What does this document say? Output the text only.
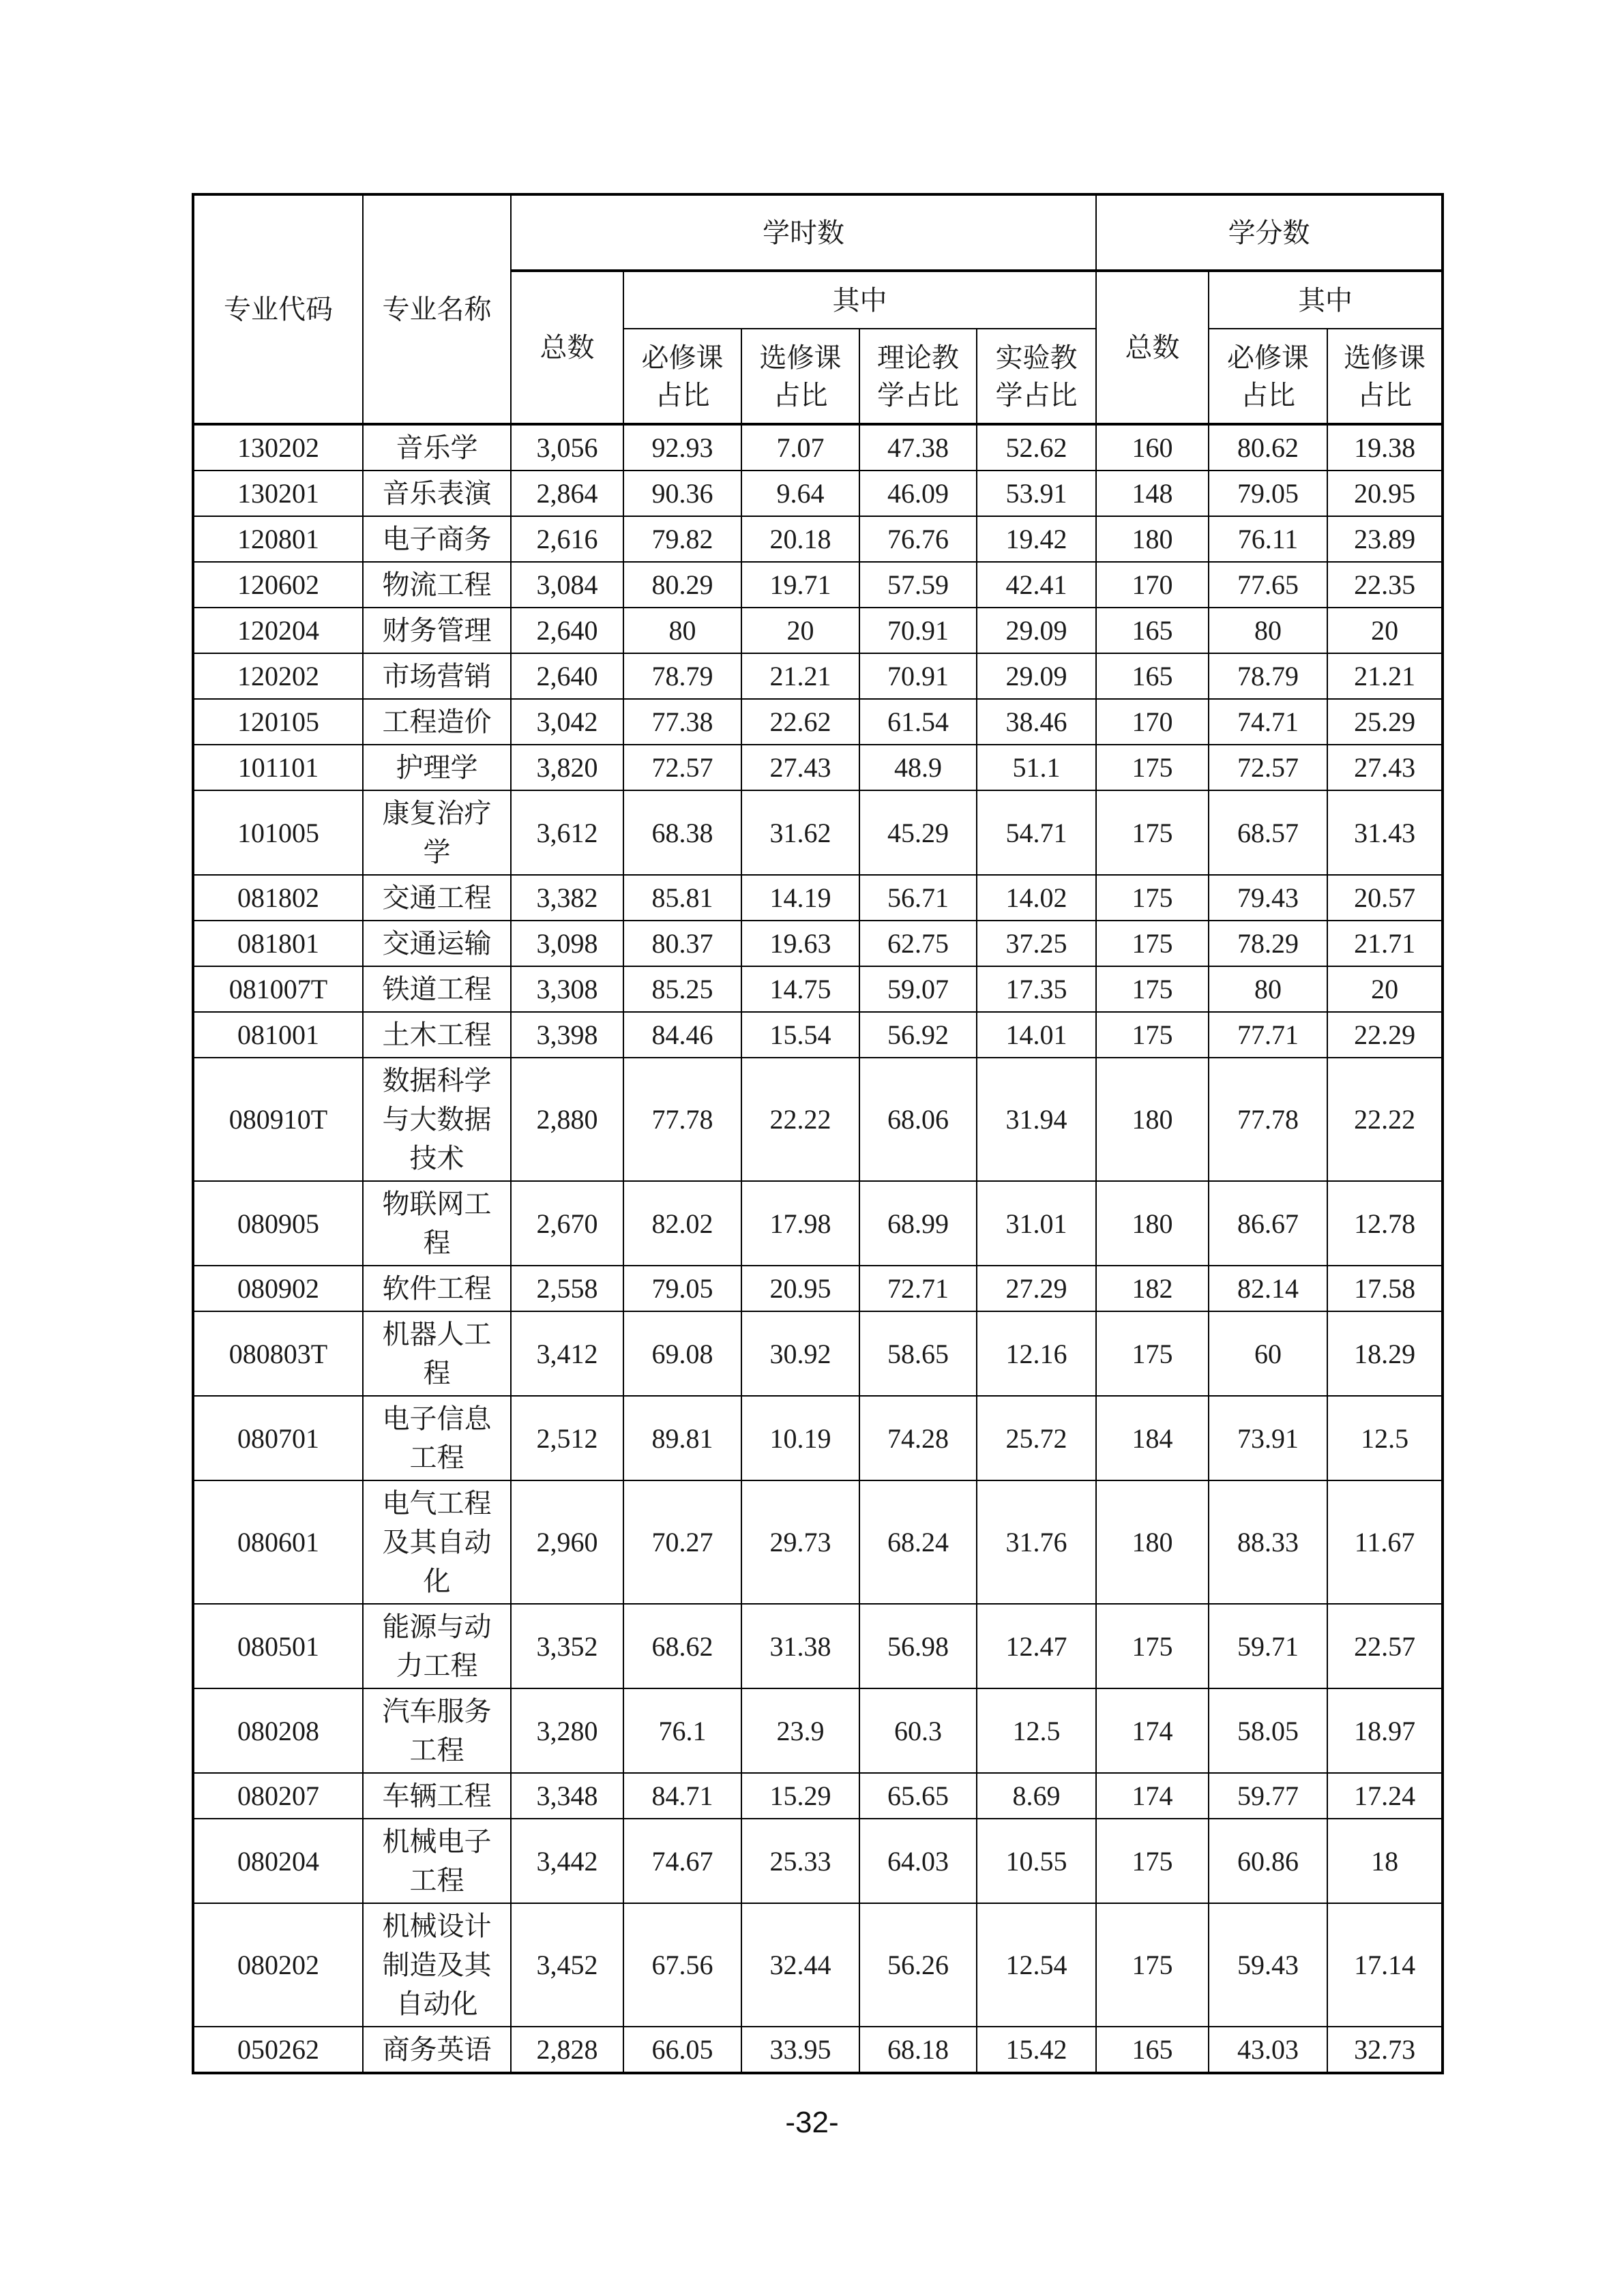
专业代码	专业名称	学时数					学分数		
		总数	其中				总数	其中	
			必修课占比	选修课占比	理论教学占比	实验教学占比		必修课占比	选修课占比
130202	音乐学	3,056	92.93	7.07	47.38	52.62	160	80.62	19.38
130201	音乐表演	2,864	90.36	9.64	46.09	53.91	148	79.05	20.95
120801	电子商务	2,616	79.82	20.18	76.76	19.42	180	76.11	23.89
120602	物流工程	3,084	80.29	19.71	57.59	42.41	170	77.65	22.35
120204	财务管理	2,640	80	20	70.91	29.09	165	80	20
120202	市场营销	2,640	78.79	21.21	70.91	29.09	165	78.79	21.21
120105	工程造价	3,042	77.38	22.62	61.54	38.46	170	74.71	25.29
101101	护理学	3,820	72.57	27.43	48.9	51.1	175	72.57	27.43
101005	康复治疗学	3,612	68.38	31.62	45.29	54.71	175	68.57	31.43
081802	交通工程	3,382	85.81	14.19	56.71	14.02	175	79.43	20.57
081801	交通运输	3,098	80.37	19.63	62.75	37.25	175	78.29	21.71
081007T	铁道工程	3,308	85.25	14.75	59.07	17.35	175	80	20
081001	土木工程	3,398	84.46	15.54	56.92	14.01	175	77.71	22.29
080910T	数据科学与大数据技术	2,880	77.78	22.22	68.06	31.94	180	77.78	22.22
080905	物联网工程	2,670	82.02	17.98	68.99	31.01	180	86.67	12.78
080902	软件工程	2,558	79.05	20.95	72.71	27.29	182	82.14	17.58
080803T	机器人工程	3,412	69.08	30.92	58.65	12.16	175	60	18.29
080701	电子信息工程	2,512	89.81	10.19	74.28	25.72	184	73.91	12.5
080601	电气工程及其自动化	2,960	70.27	29.73	68.24	31.76	180	88.33	11.67
080501	能源与动力工程	3,352	68.62	31.38	56.98	12.47	175	59.71	22.57
080208	汽车服务工程	3,280	76.1	23.9	60.3	12.5	174	58.05	18.97
080207	车辆工程	3,348	84.71	15.29	65.65	8.69	174	59.77	17.24
080204	机械电子工程	3,442	74.67	25.33	64.03	10.55	175	60.86	18
080202	机械设计制造及其自动化	3,452	67.56	32.44	56.26	12.54	175	59.43	17.14
050262	商务英语	2,828	66.05	33.95	68.18	15.42	165	43.03	32.73
-32-
